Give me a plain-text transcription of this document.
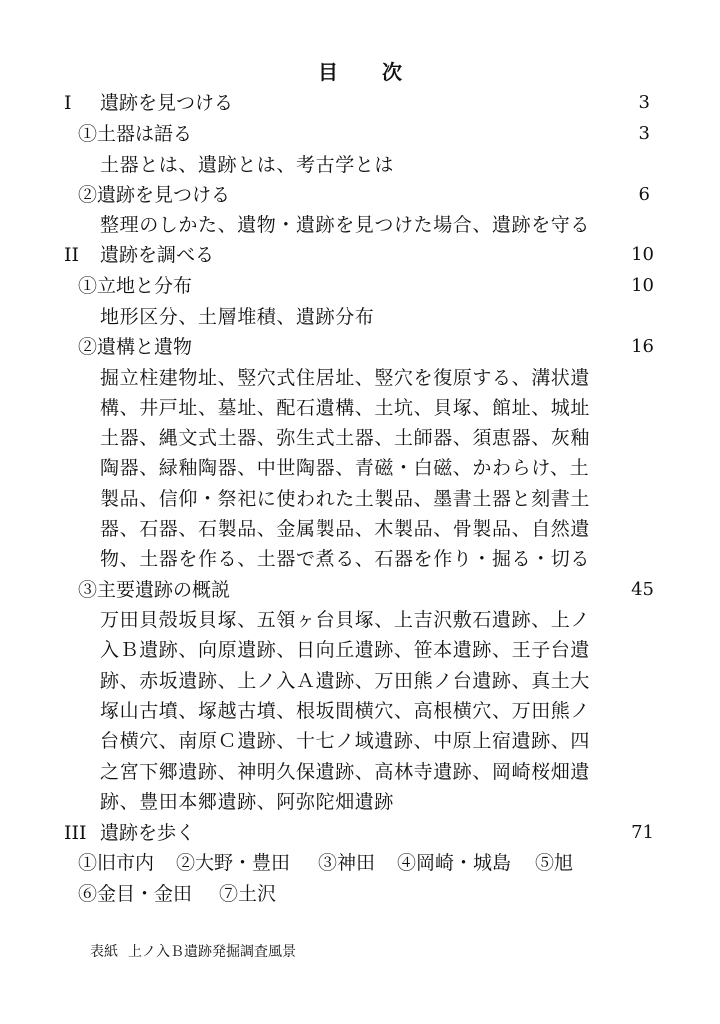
目 次
I 遺跡を見つける	3
①土器は語る	3
土器とは、遺跡とは、考古学とは
②遺跡を見つける	6
整理のしかた、遺物・遺跡を見つけた場合、遺跡を守る
II 遺跡を調べる	10
①立地と分布	10
地形区分、土層堆積、遺跡分布
②遺構と遺物	16
掘立柱建物址、竪穴式住居址、竪穴を復原する、溝状遺
構、井戸址、墓址、配石遺構、土坑、貝塚、館址、城址
土器、縄文式土器、弥生式土器、土師器、須恵器、灰釉
陶器、緑釉陶器、中世陶器、青磁・白磁、かわらけ、土
製品、信仰・祭祀に使われた土製品、墨書土器と刻書土
器、石器、石製品、金属製品、木製品、骨製品、自然遺
物、土器を作る、土器で煮る、石器を作り・掘る・切る
③主要遺跡の概説	45
万田貝殻坂貝塚、五領ヶ台貝塚、上吉沢敷石遺跡、上ノ
入Ｂ遺跡、向原遺跡、日向丘遺跡、笹本遺跡、王子台遺
跡、赤坂遺跡、上ノ入Ａ遺跡、万田熊ノ台遺跡、真土大
塚山古墳、塚越古墳、根坂間横穴、高根横穴、万田熊ノ
台横穴、南原Ｃ遺跡、十七ノ域遺跡、中原上宿遺跡、四
之宮下郷遺跡、神明久保遺跡、高林寺遺跡、岡崎桜畑遺
跡、豊田本郷遺跡、阿弥陀畑遺跡
III 遺跡を歩く	71
①旧市内 ②大野・豊田 ③神田 ④岡崎・城島 ⑤旭
⑥金目・金田 ⑦土沢
表紙 上ノ入Ｂ遺跡発掘調査風景
